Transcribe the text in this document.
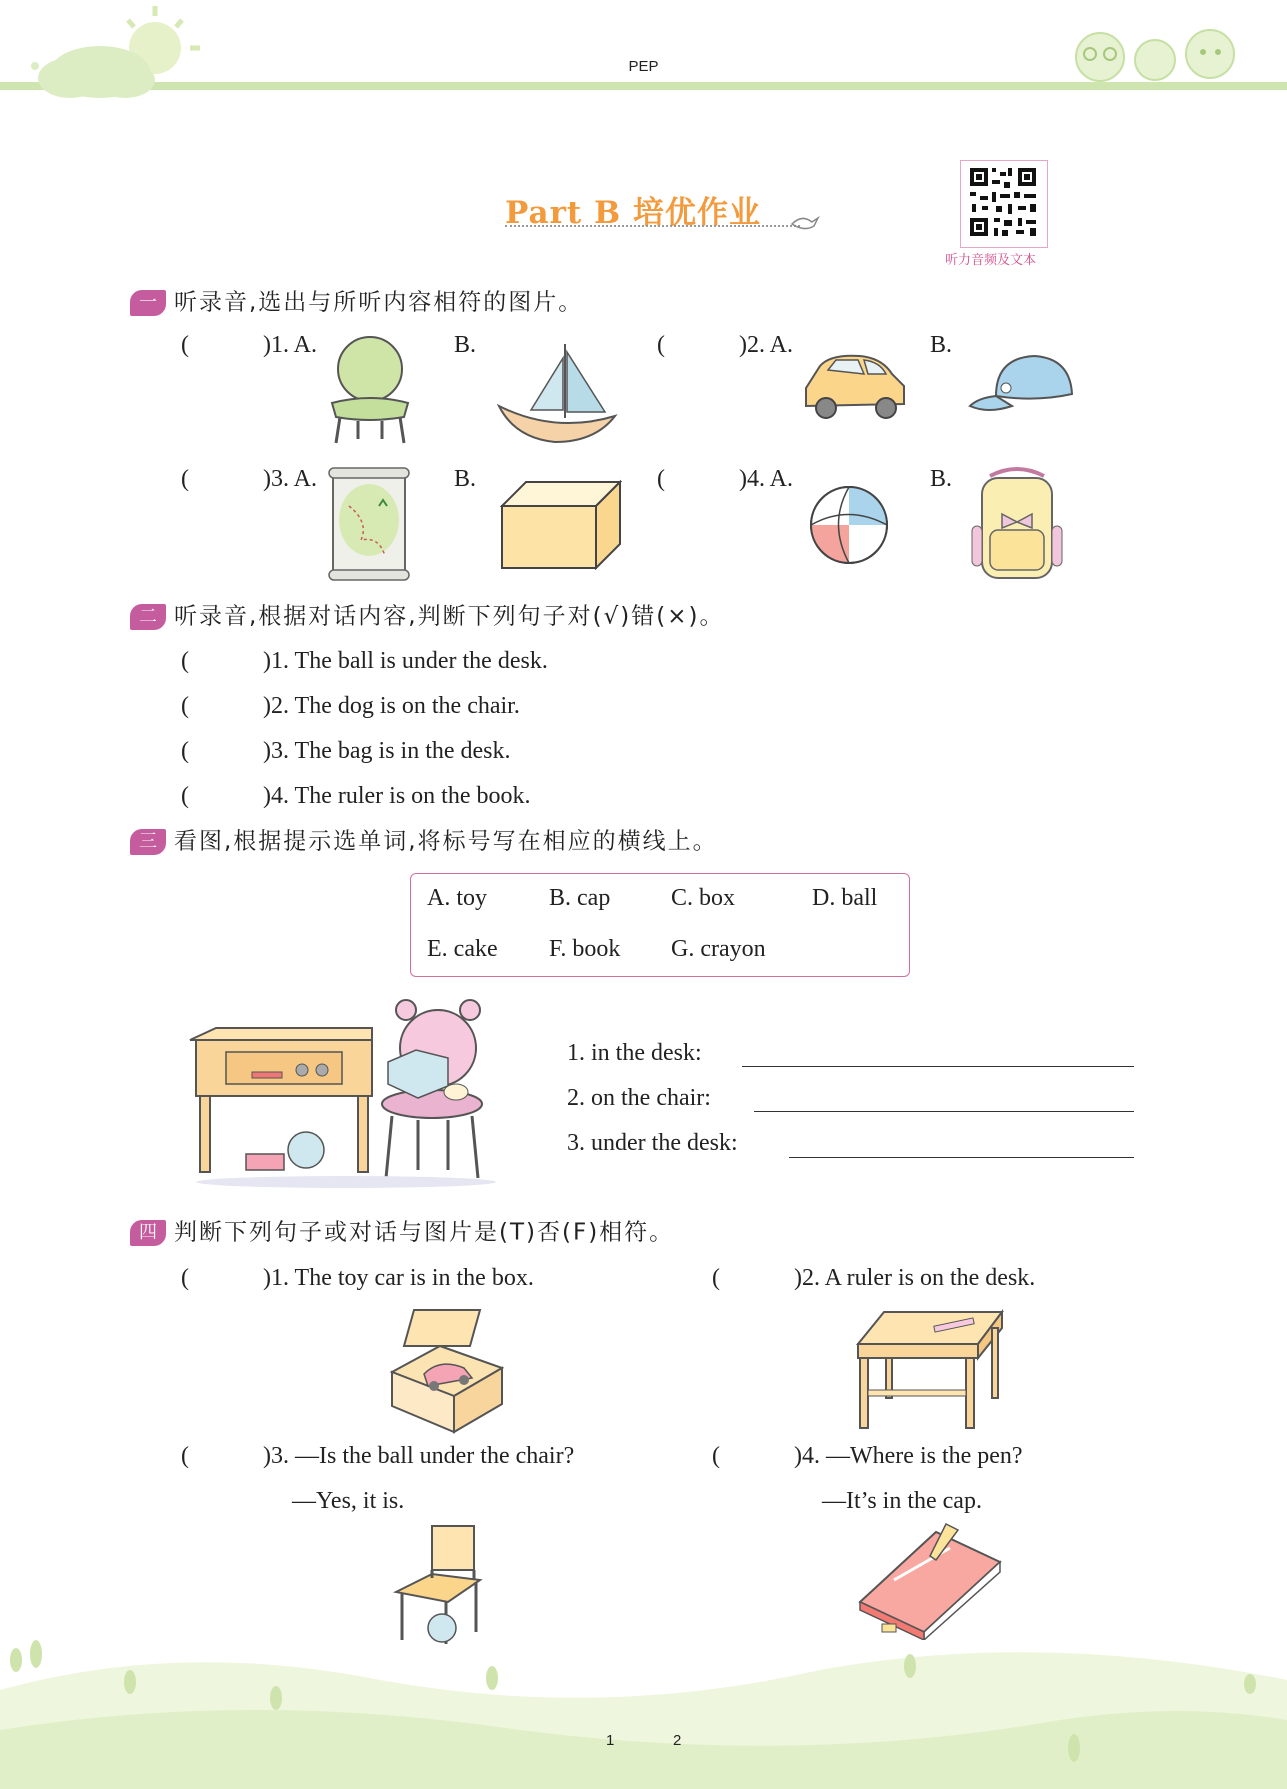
PEP
Part B 培优作业
听力音频及文本
一 听录音,选出与所听内容相符的图片。
(	)1. A.	B.	(	)2. A.	B.
(	)3. A.	B.	(	)4. A.	B.
二 听录音,根据对话内容,判断下列句子对(√)错(×)。
(	)1. The ball is under the desk.
(	)2. The dog is on the chair.
(	)3. The bag is in the desk.
(	)4. The ruler is on the book.
三 看图,根据提示选单词,将标号写在相应的横线上。
A. toy	B. cap	C. box	D. ball
E. cake F. book G. crayon
1. in the desk:
2. on the chair:
3. under the desk:
四 判断下列句子或对话与图片是(T)否(F)相符。
(	)1. The toy car is in the box.	(	)2. A ruler is on the desk.
(	)3. —Is the ball under the chair?
—Yes, it is.
(	)4. —Where is the pen?
—It’s in the cap.
1	2
